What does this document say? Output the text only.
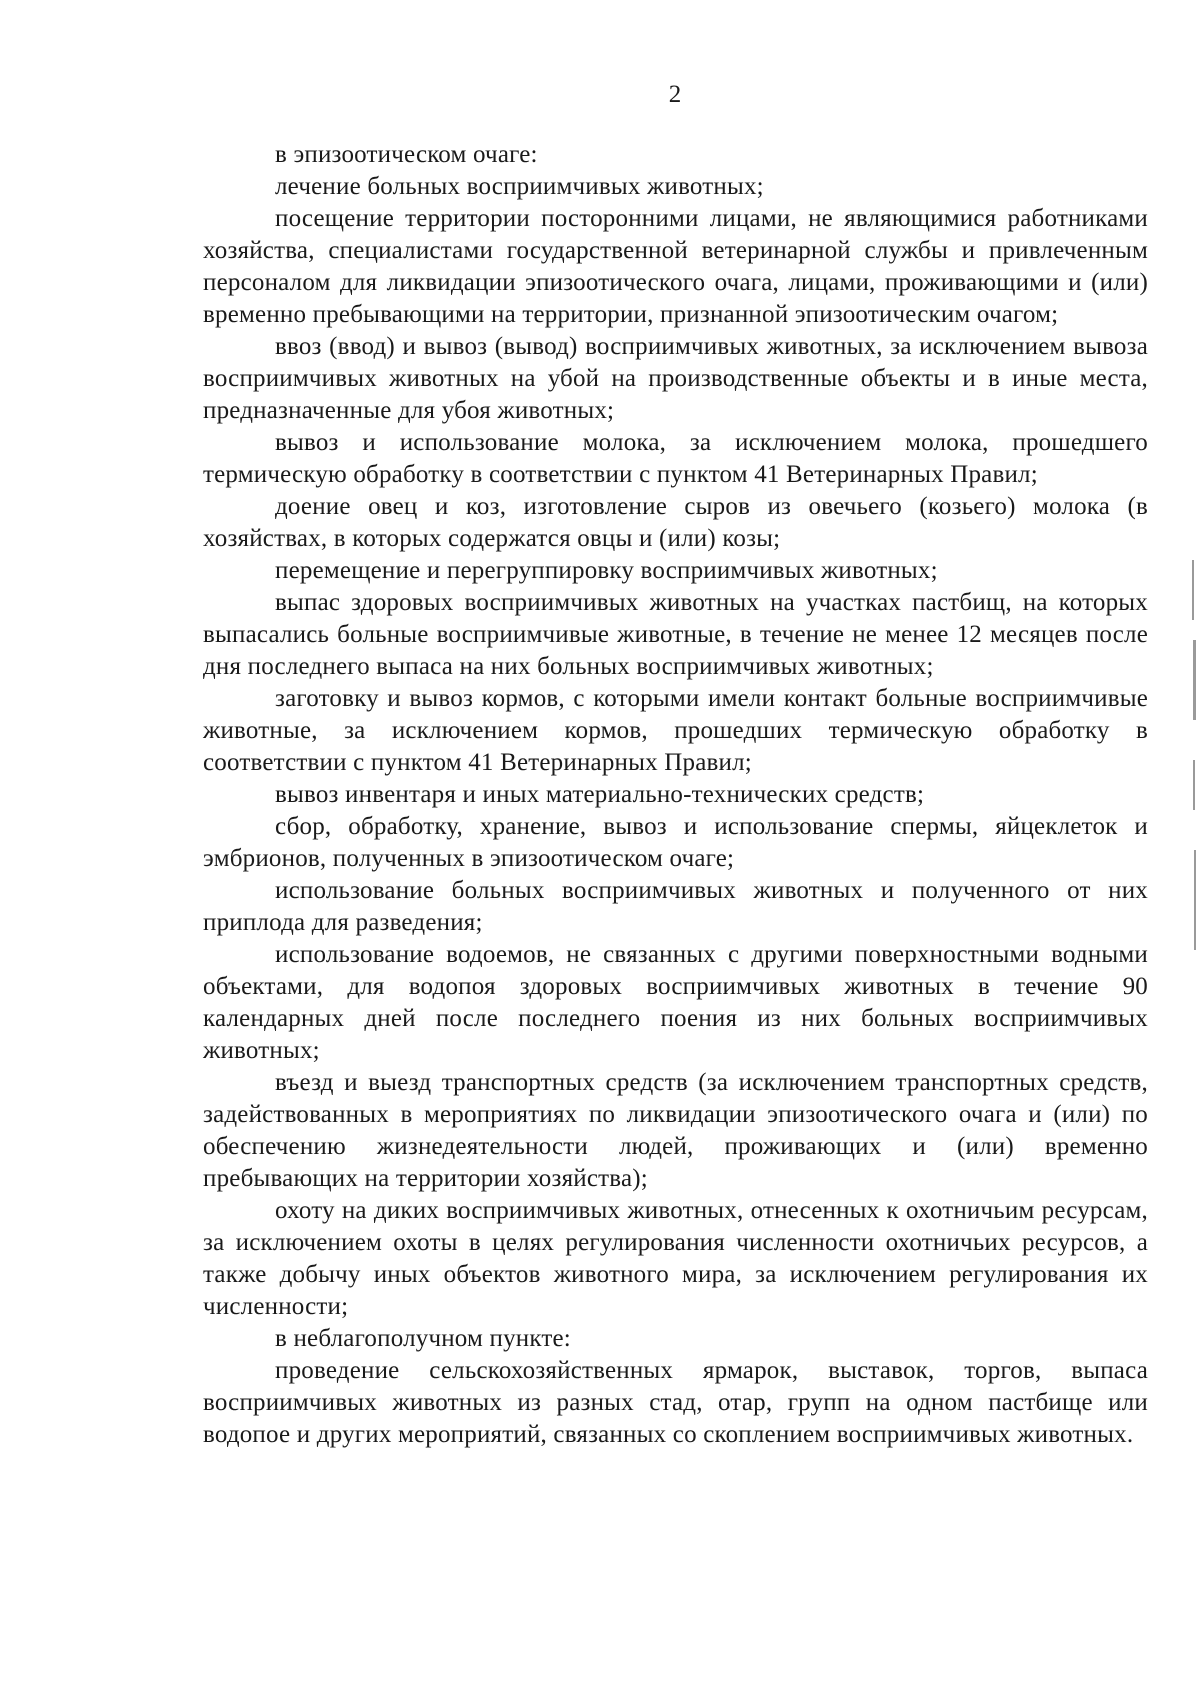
2

в эпизоотическом очаге:

лечение больных восприимчивых животных;

посещение территории посторонними лицами, не являющимися работниками хозяйства, специалистами государственной ветеринарной службы и привлеченным персоналом для ликвидации эпизоотического очага, лицами, проживающими и (или) временно пребывающими на территории, признанной эпизоотическим очагом;

ввоз (ввод) и вывоз (вывод) восприимчивых животных, за исключением вывоза восприимчивых животных на убой на производственные объекты и в иные места, предназначенные для убоя животных;

вывоз и использование молока, за исключением молока, прошедшего термическую обработку в соответствии с пунктом 41 Ветеринарных Правил;

доение овец и коз, изготовление сыров из овечьего (козьего) молока (в хозяйствах, в которых содержатся овцы и (или) козы;

перемещение и перегруппировку восприимчивых животных;

выпас здоровых восприимчивых животных на участках пастбищ, на которых выпасались больные восприимчивые животные, в течение не менее 12 месяцев после дня последнего выпаса на них больных восприимчивых животных;

заготовку и вывоз кормов, с которыми имели контакт больные восприимчивые животные, за исключением кормов, прошедших термическую обработку в соответствии с пунктом 41 Ветеринарных Правил;

вывоз инвентаря и иных материально-технических средств;

сбор, обработку, хранение, вывоз и использование спермы, яйцеклеток и эмбрионов, полученных в эпизоотическом очаге;

использование больных восприимчивых животных и полученного от них приплода для разведения;

использование водоемов, не связанных с другими поверхностными водными объектами, для водопоя здоровых восприимчивых животных в течение 90 календарных дней после последнего поения из них больных восприимчивых животных;

въезд и выезд транспортных средств (за исключением транспортных средств, задействованных в мероприятиях по ликвидации эпизоотического очага и (или) по обеспечению жизнедеятельности людей, проживающих и (или) временно пребывающих на территории хозяйства);

охоту на диких восприимчивых животных, отнесенных к охотничьим ресурсам, за исключением охоты в целях регулирования численности охотничьих ресурсов, а также добычу иных объектов животного мира, за исключением регулирования их численности;

в неблагополучном пункте:

проведение сельскохозяйственных ярмарок, выставок, торгов, выпаса восприимчивых животных из разных стад, отар, групп на одном пастбище или водопое и других мероприятий, связанных со скоплением восприимчивых животных.
